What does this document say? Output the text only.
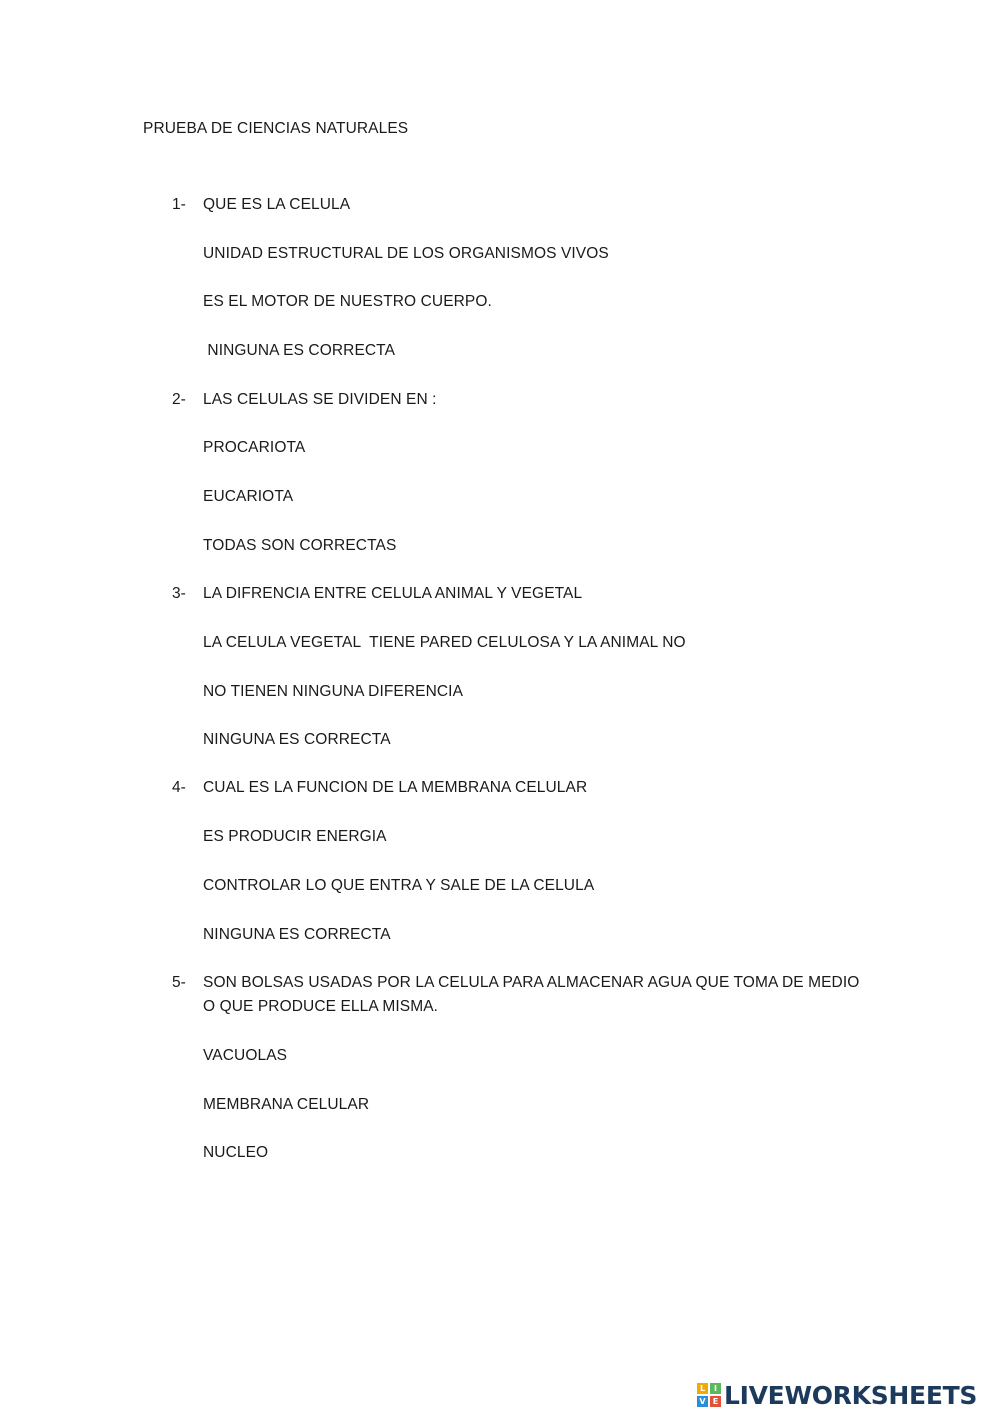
PRUEBA DE CIENCIAS NATURALES
1- QUE ES LA CELULA
UNIDAD ESTRUCTURAL DE LOS ORGANISMOS VIVOS
ES EL MOTOR DE NUESTRO CUERPO.
NINGUNA ES CORRECTA
2- LAS CELULAS SE DIVIDEN EN :
PROCARIOTA
EUCARIOTA
TODAS SON CORRECTAS
3- LA DIFRENCIA ENTRE CELULA ANIMAL Y VEGETAL
LA CELULA VEGETAL  TIENE PARED CELULOSA Y LA ANIMAL NO
NO TIENEN NINGUNA DIFERENCIA
NINGUNA ES CORRECTA
4- CUAL ES LA FUNCION DE LA MEMBRANA CELULAR
ES PRODUCIR ENERGIA
CONTROLAR LO QUE ENTRA Y SALE DE LA CELULA
NINGUNA ES CORRECTA
5- SON BOLSAS USADAS POR LA CELULA PARA ALMACENAR AGUA QUE TOMA DE MEDIO
O QUE PRODUCE ELLA MISMA.
VACUOLAS
MEMBRANA CELULAR
NUCLEO
L	I
V E LIVEWORKSHEETS
